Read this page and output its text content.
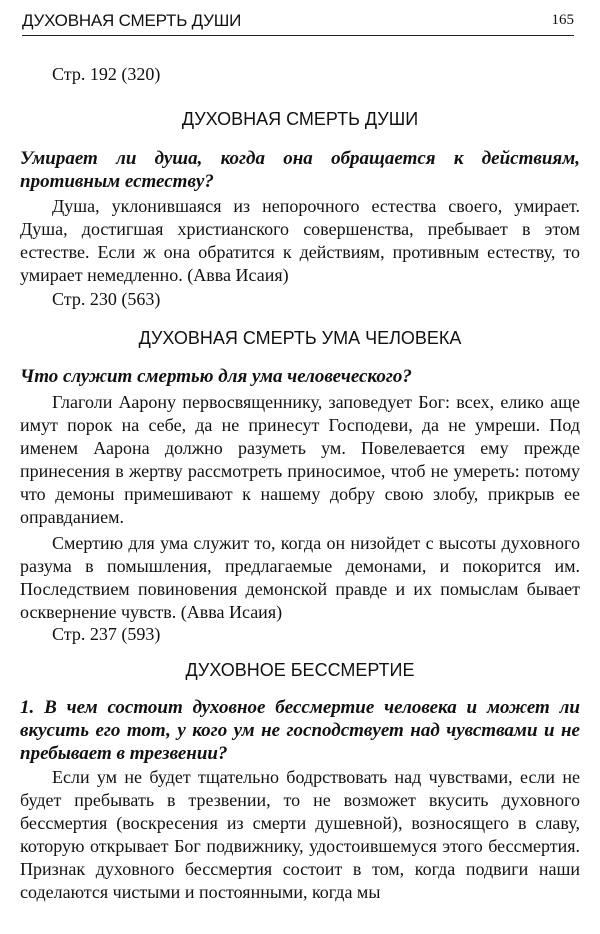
ДУХОВНАЯ СМЕРТЬ ДУШИ	165
Стр. 192 (320)
ДУХОВНАЯ СМЕРТЬ ДУШИ

Умирает ли душа, когда она обращается к действиям, противным естеству?

Душа, уклонившаяся из непорочного естества своего, умирает. Душа, достигшая христианского совершенства, пребывает в этом естестве. Если ж она обратится к действиям, противным естеству, то умирает немедленно. (Авва Исаия)

Стр. 230 (563)
ДУХОВНАЯ СМЕРТЬ УМА ЧЕЛОВЕКА

Что служит смертью для ума человеческого?

Глаголи Аарону первосвященнику, заповедует Бог: всех, елико аще имут порок на себе, да не принесут Господеви, да не умреши. Под именем Аарона должно разуметь ум. Повелевается ему прежде принесения в жертву рассмотреть приносимое, чтоб не умереть: потому что демоны примешивают к нашему добру свою злобу, прикрыв ее оправданием.

Смертию для ума служит то, когда он низойдет с высоты духовного разума в помышления, предлагаемые демонами, и покорится им. Последствием повиновения демонской правде и их помыслам бывает осквернение чувств. (Авва Исаия)

Стр. 237 (593)
ДУХОВНОЕ БЕССМЕРТИЕ

1. В чем состоит духовное бессмертие человека и может ли вкусить его тот, у кого ум не господствует над чувствами и не пребывает в трезвении?

Если ум не будет тщательно бодрствовать над чувствами, если не будет пребывать в трезвении, то не возможет вкусить духовного бессмертия (воскресения из смерти душевной), возносящего в славу, которую открывает Бог подвижнику, удостоившемуся этого бессмертия. Признак духовного бессмертия состоит в том, когда подвиги наши соделаются чистыми и постоянными, когда мы
